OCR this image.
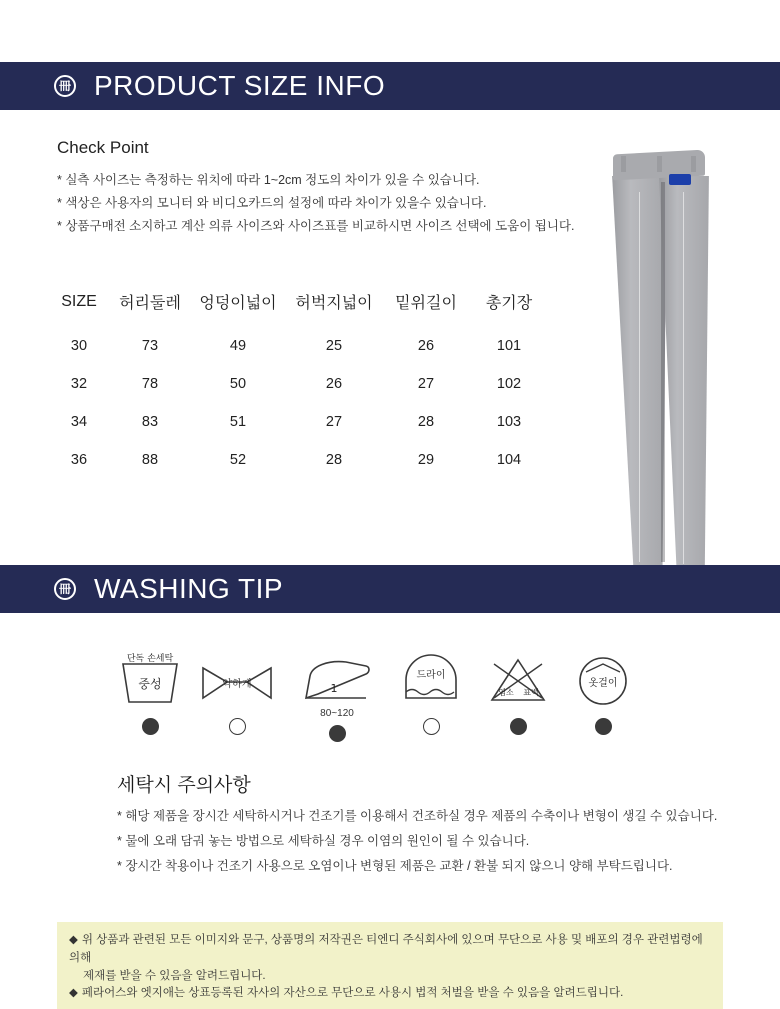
冊 PRODUCT SIZE INFO
Check Point
* 실측 사이즈는 측정하는 위치에 따라 1~2cm 정도의 차이가 있을 수 있습니다.
* 색상은 사용자의 모니터 와 비디오카드의 설정에 따라 차이가 있을수 있습니다.
* 상품구매전 소지하고 계산 의류 사이즈와 사이즈표를 비교하시면 사이즈 선택에 도움이 됩니다.
SIZE	허리둘레	엉덩이넓이	허벅지넓이	밑위길이	총기장
30	73	49	25	26	101
32	78	50	26	27	102
34	83	51	27	28	103
36	88	52	28	29	104
冊 WASHING TIP
단독 손세탁
중성	약하게	1
80~120
드라이
염소 표백
옷걸이
세탁시 주의사항
* 해당 제품을 장시간 세탁하시거나 건조기를 이용해서 건조하실 경우 제품의 수축이나 변형이 생길 수 있습니다.
* 물에 오래 담궈 놓는 방법으로 세탁하실 경우 이염의 원인이 될 수 있습니다.
* 장시간 착용이나 건조기 사용으로 오염이나 변형된 제품은 교환 / 환불 되지 않으니 양해 부탁드립니다.
◆ 위 상품과 관련된 모든 이미지와 문구, 상품명의 저작권은 티엔디 주식회사에 있으며 무단으로 사용 및 배포의 경우 관련법령에 의해
제재를 받을 수 있음을 알려드립니다.
◆ 페라어스와 엣지애는 상표등록된 자사의 자산으로 무단으로 사용시 법적 처벌을 받을 수 있음을 알려드립니다.
